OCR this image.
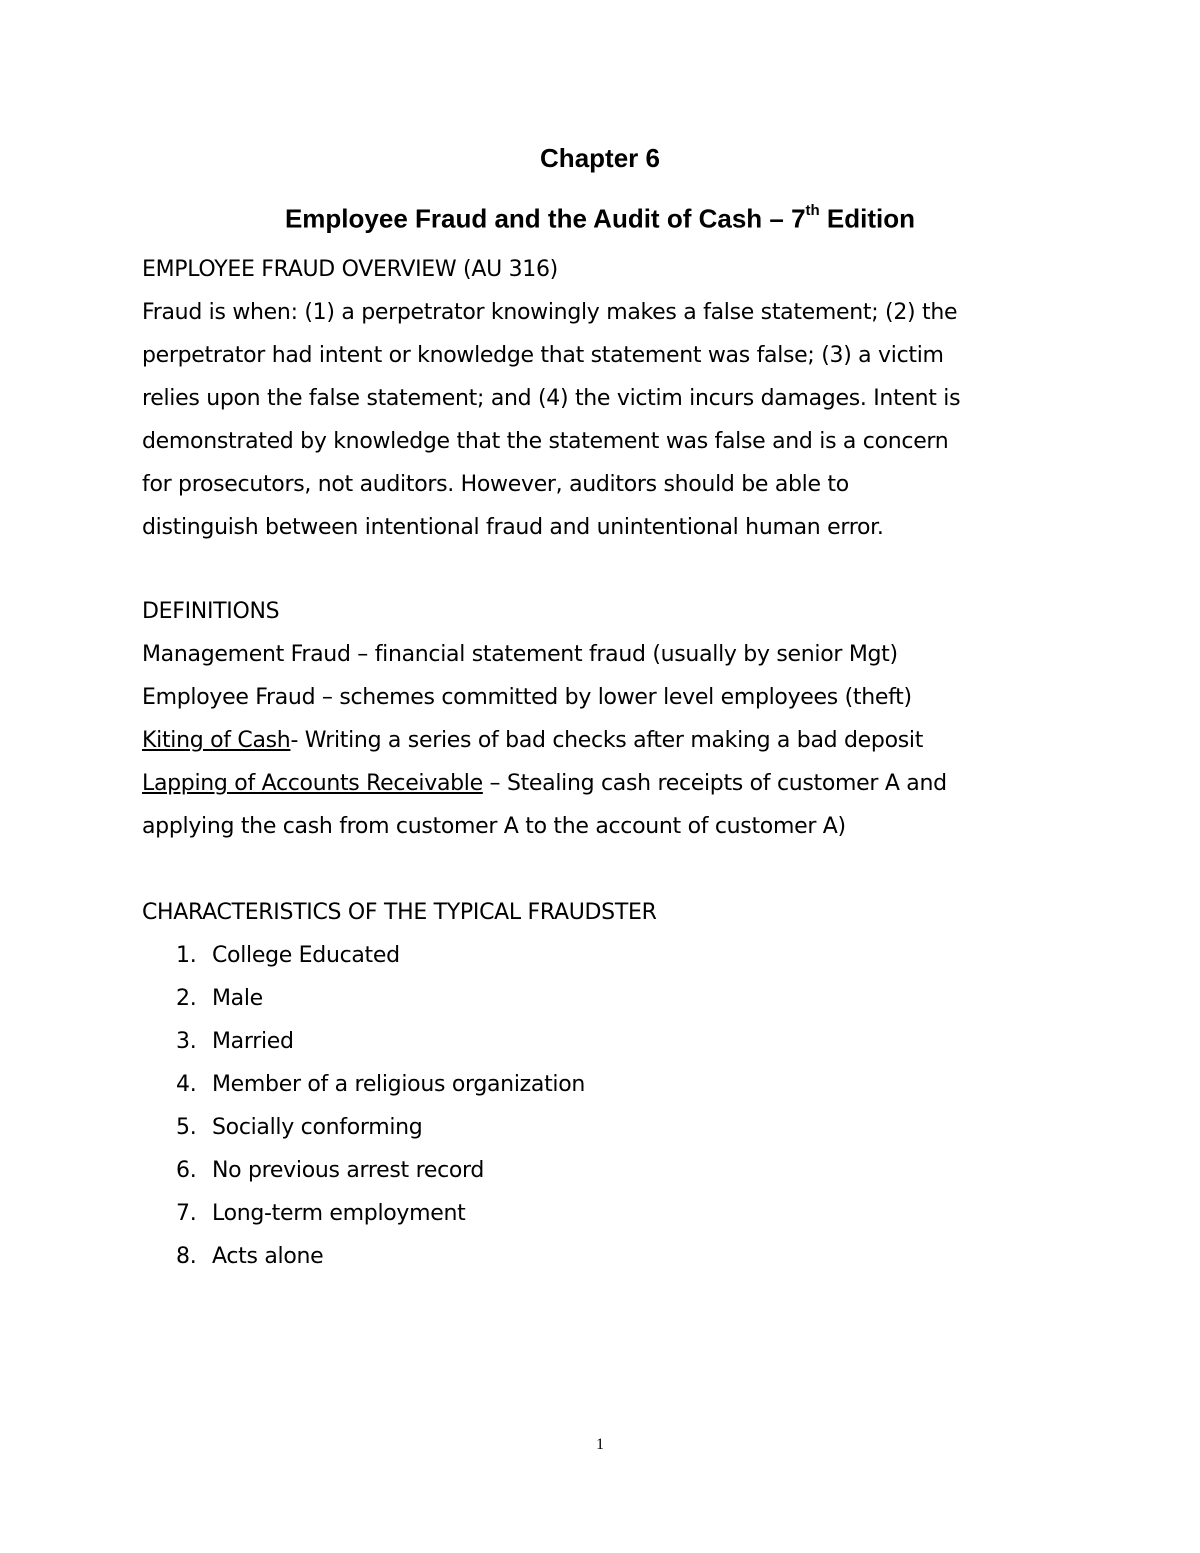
Chapter 6
Employee Fraud and the Audit of Cash – 7th Edition

EMPLOYEE FRAUD OVERVIEW (AU 316)

Fraud is when: (1) a perpetrator knowingly makes a false statement; (2) the
perpetrator had intent or knowledge that statement was false; (3) a victim
relies upon the false statement; and (4) the victim incurs damages. Intent is
demonstrated by knowledge that the statement was false and is a concern
for prosecutors, not auditors. However, auditors should be able to
distinguish between intentional fraud and unintentional human error.

DEFINITIONS

Management Fraud – financial statement fraud (usually by senior Mgt)
Employee Fraud – schemes committed by lower level employees (theft)
Kiting of Cash- Writing a series of bad checks after making a bad deposit
Lapping of Accounts Receivable – Stealing cash receipts of customer A and
applying the cash from customer A to the account of customer A)

CHARACTERISTICS OF THE TYPICAL FRAUDSTER

1. College Educated
2. Male
3. Married
4. Member of a religious organization
5. Socially conforming
6. No previous arrest record
7. Long-term employment
8. Acts alone
1
